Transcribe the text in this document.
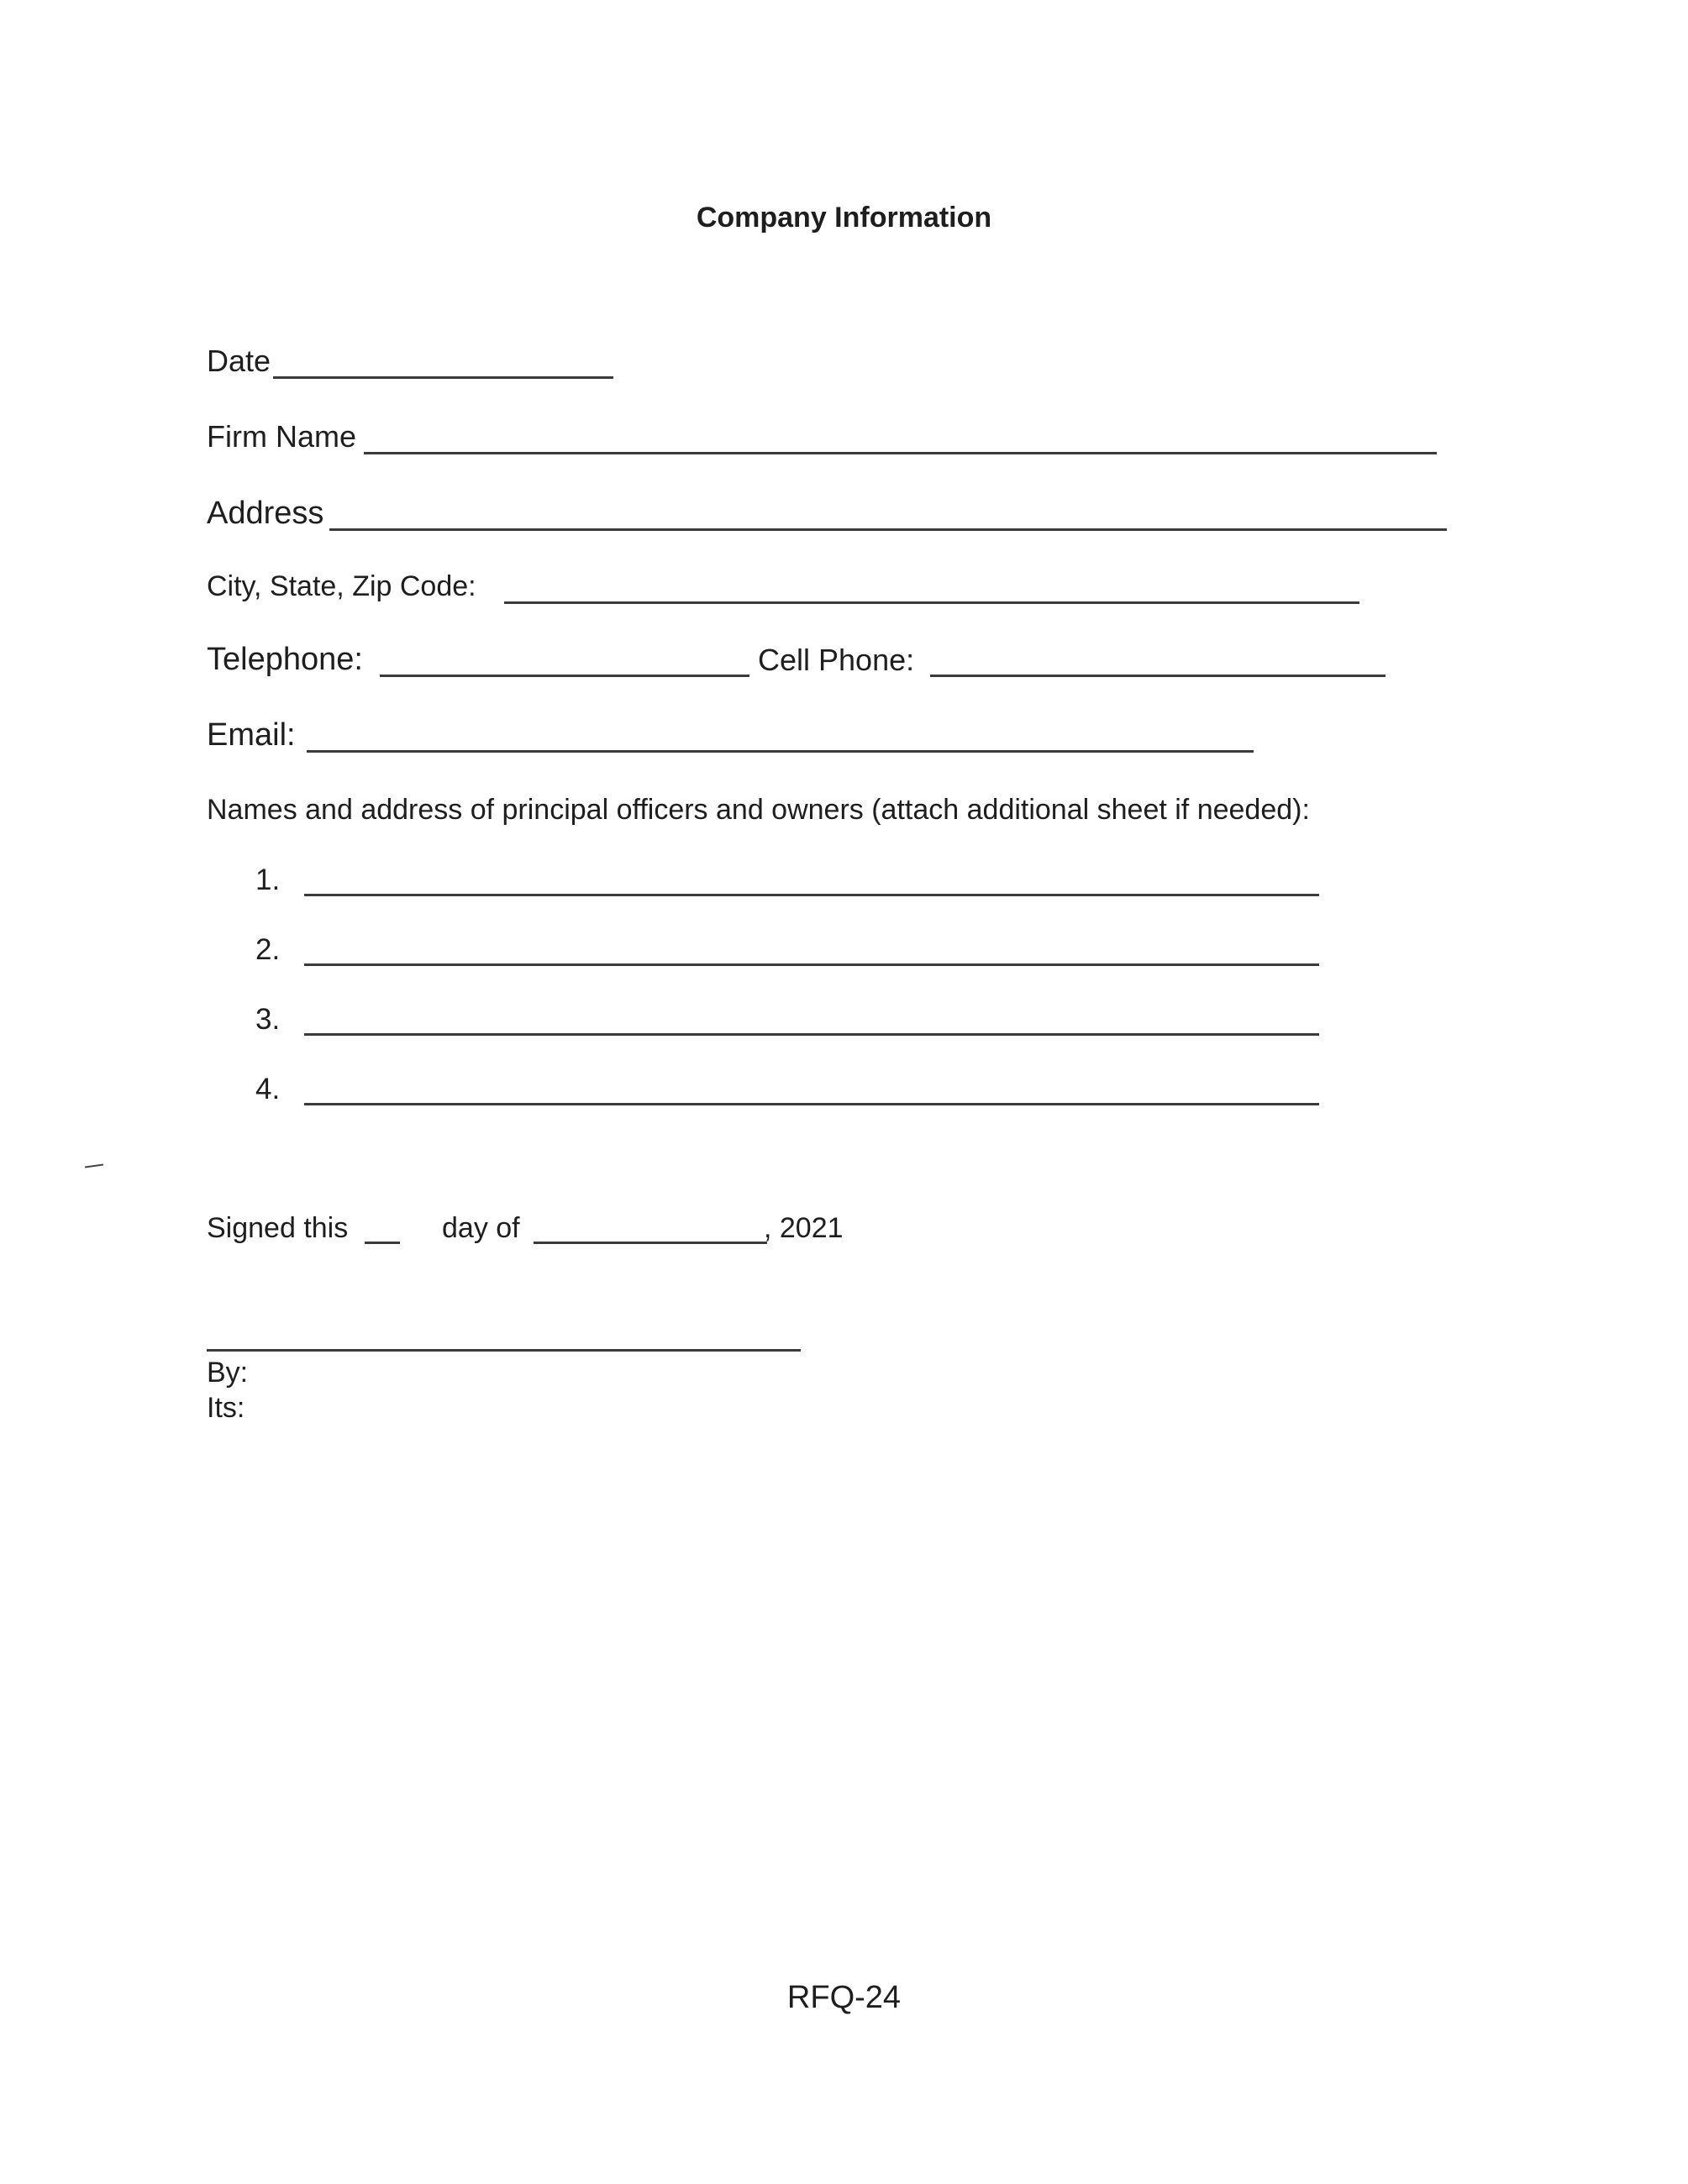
Company Information
Date
Firm Name
Address
City, State, Zip Code:
Telephone:	Cell Phone:
Email:
Names and address of principal officers and owners (attach additional sheet if needed):
1.
2.
3.
4.
Signed this	day of	, 2021
By:
Its:
RFQ-24
